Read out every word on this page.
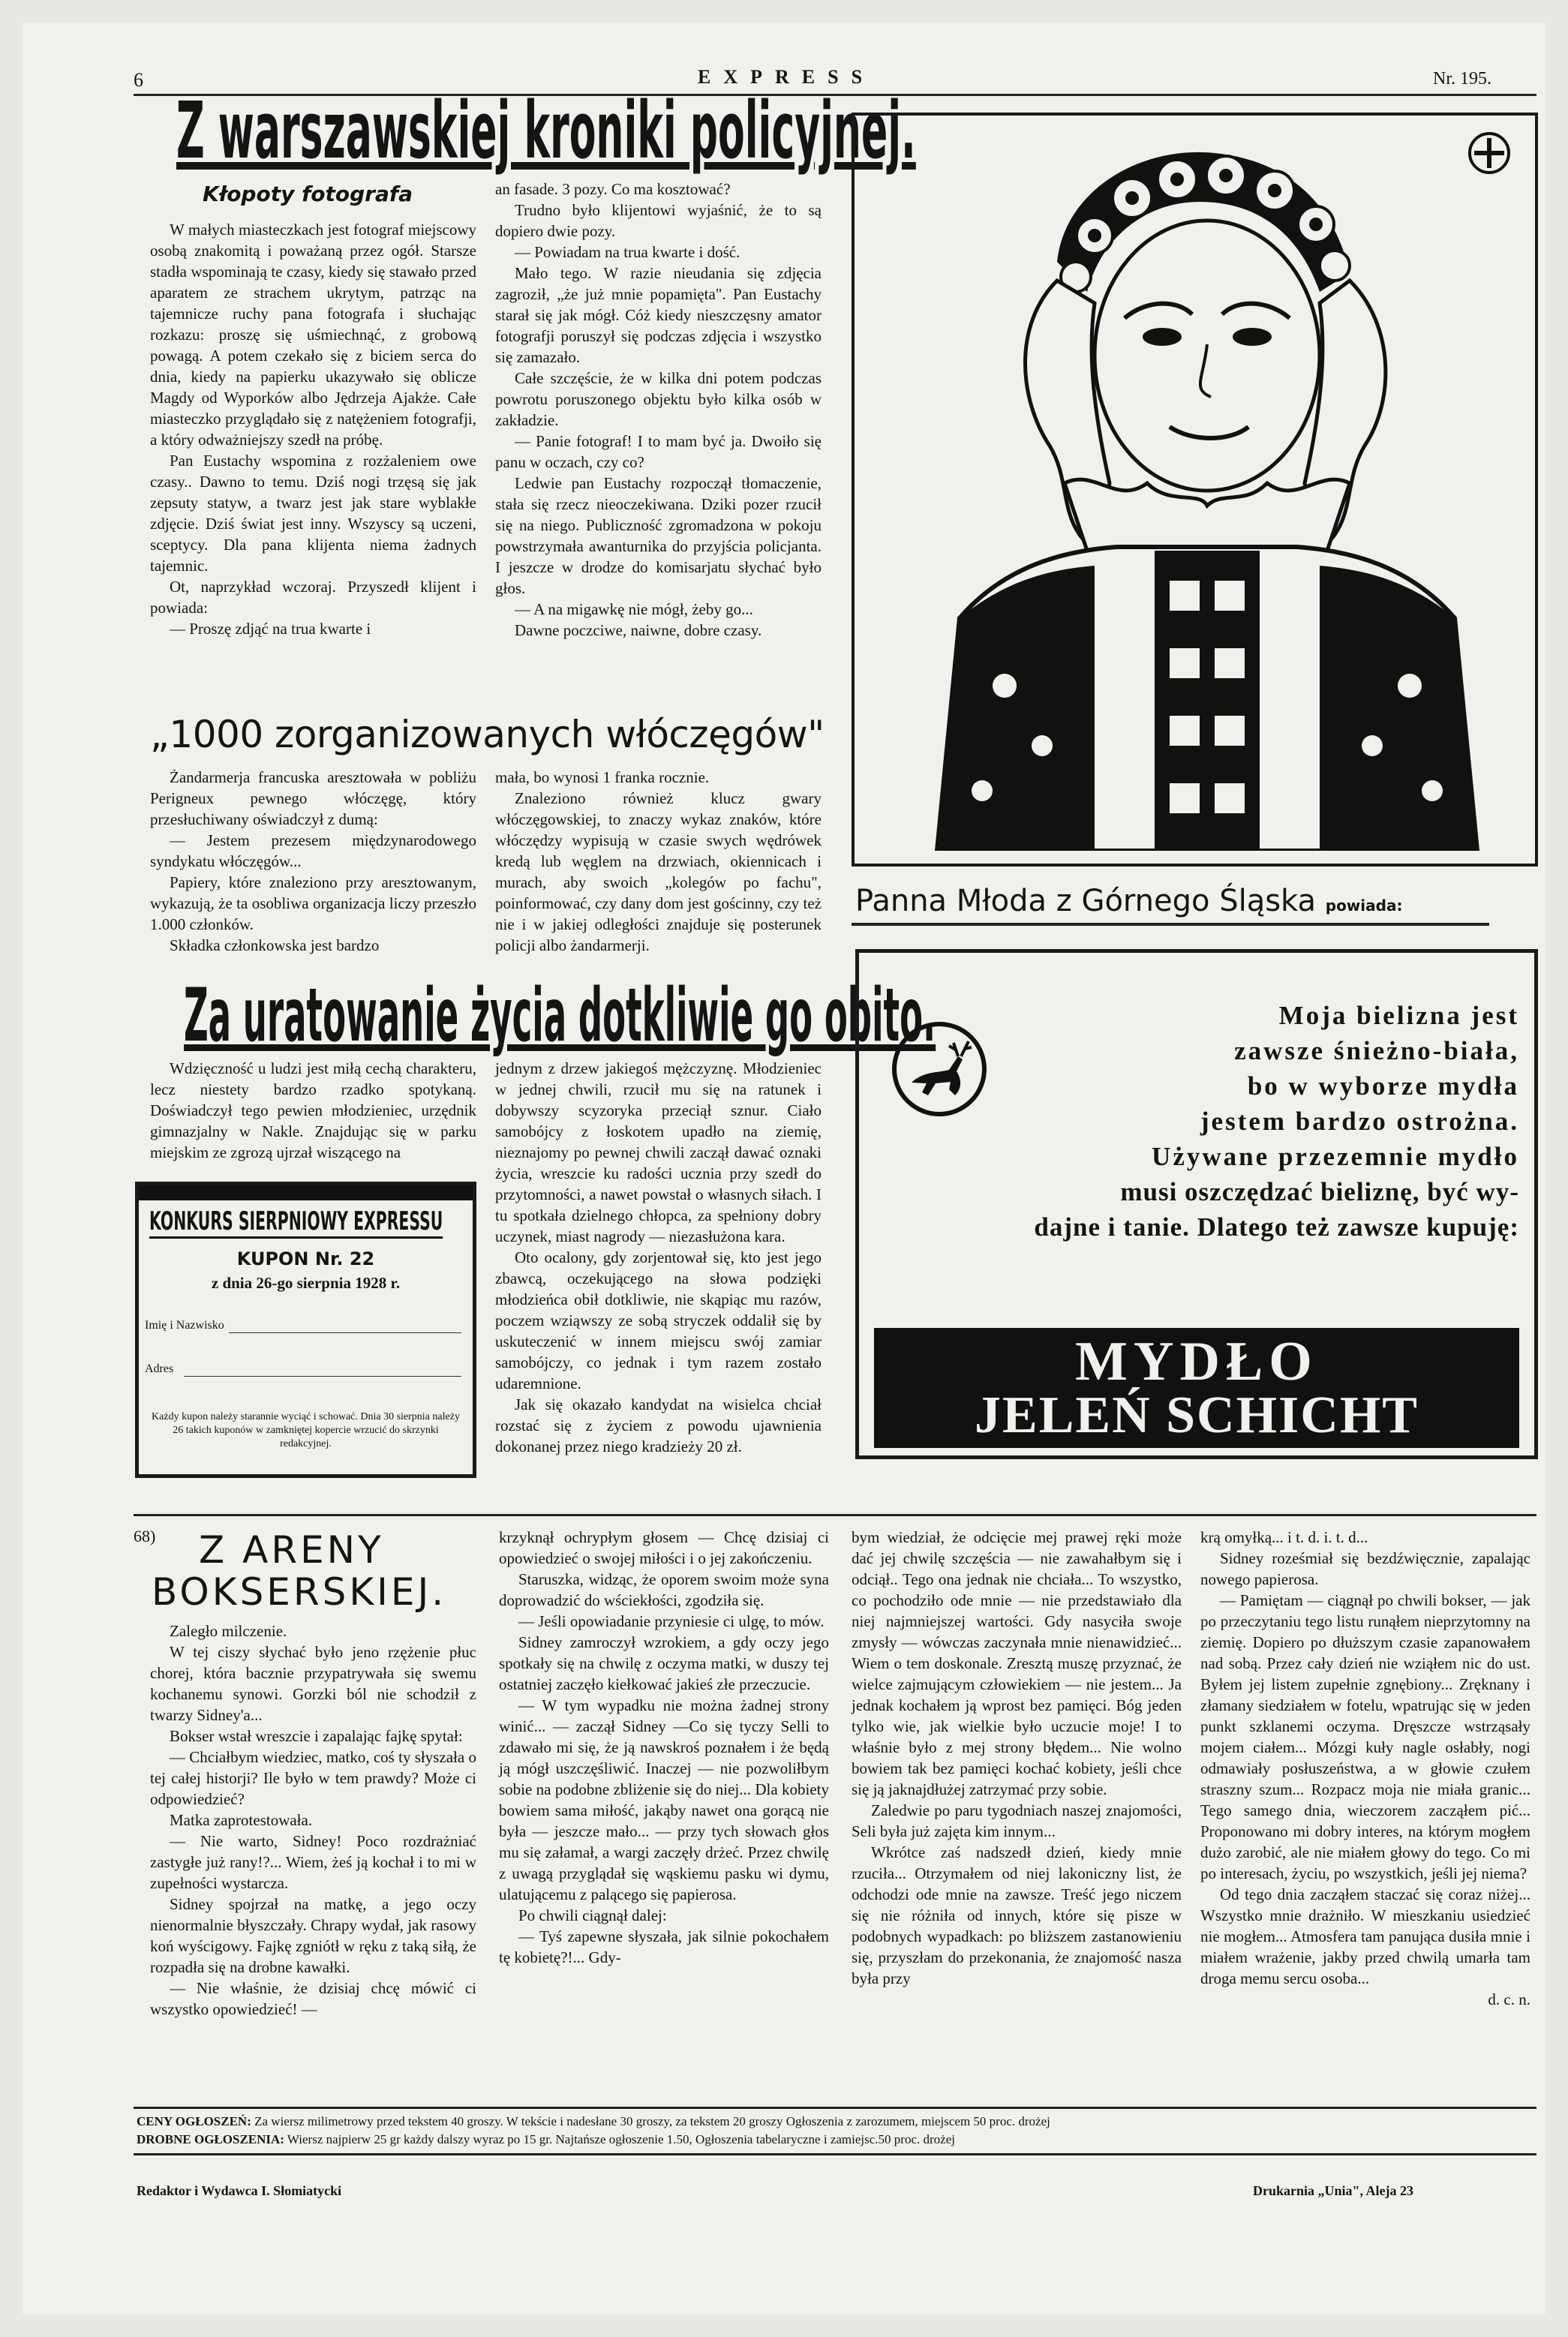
6	EXPRESS	Nr. 195.
Z warszawskiej kroniki policyjnej.
Kłopoty fotografa

W małych miasteczkach jest fotograf miejscowy osobą znakomitą i poważaną przez ogół. Starsze stadła wspominają te czasy, kiedy się stawało przed aparatem ze strachem ukrytym, patrząc na tajemnicze ruchy pana fotografa i słuchając rozkazu: proszę się uśmiechnąć, z grobową powagą. A potem czekało się z biciem serca do dnia, kiedy na papierku ukazywało się oblicze Magdy od Wyporków albo Jędrzeja Ajakże. Całe miasteczko przyglądało się z natężeniem fotografji, a który odważniejszy szedł na próbę.

Pan Eustachy wspomina z rozżaleniem owe czasy.. Dawno to temu. Dziś nogi trzęsą się jak zepsuty statyw, a twarz jest jak stare wyblakłe zdjęcie. Dziś świat jest inny. Wszyscy są uczeni, sceptycy. Dla pana klijenta niema żadnych tajemnic.

Ot, naprzykład wczoraj. Przyszedł klijent i powiada:

— Proszę zdjąć na trua kwarte i

an fasade. 3 pozy. Co ma kosztować?

Trudno było klijentowi wyjaśnić, że to są dopiero dwie pozy.

— Powiadam na trua kwarte i dość.

Mało tego. W razie nieudania się zdjęcia zagroził, „że już mnie popamięta". Pan Eustachy starał się jak mógł. Cóż kiedy nieszczęsny amator fotografji poruszył się podczas zdjęcia i wszystko się zamazało.

Całe szczęście, że w kilka dni potem podczas powrotu poruszonego objektu było kilka osób w zakładzie.

— Panie fotograf! I to mam być ja. Dwoiło się panu w oczach, czy co?

Ledwie pan Eustachy rozpoczął tłomaczenie, stała się rzecz nieoczekiwana. Dziki pozer rzucił się na niego. Publiczność zgromadzona w pokoju powstrzymała awanturnika do przyjścia policjanta. I jeszcze w drodze do komisarjatu słychać było głos.

— A na migawkę nie mógł, żeby go...

Dawne poczciwe, naiwne, dobre czasy.

„1000 zorganizowanych włóczęgów"

Żandarmerja francuska aresztowała w pobliżu Perigneux pewnego włóczęgę, który przesłuchiwany oświadczył z dumą:

— Jestem prezesem międzynarodowego syndykatu włóczęgów...

Papiery, które znaleziono przy aresztowanym, wykazują, że ta osobliwa organizacja liczy przeszło 1.000 członków.

Składka członkowska jest bardzo

mała, bo wynosi 1 franka rocznie.

Znaleziono również klucz gwary włóczęgowskiej, to znaczy wykaz znaków, które włóczędzy wypisują w czasie swych wędrówek kredą lub węglem na drzwiach, okiennicach i murach, aby swoich „kolegów po fachu", poinformować, czy dany dom jest gościnny, czy też nie i w jakiej odległości znajduje się posterunek policji albo żandarmerji.

Za uratowanie życia dotkliwie go obito.

Wdzięczność u ludzi jest miłą cechą charakteru, lecz niestety bardzo rzadko spotykaną. Doświadczył tego pewien młodzieniec, urzędnik gimnazjalny w Nakle. Znajdując się w parku miejskim ze zgrozą ujrzał wiszącego na

jednym z drzew jakiegoś mężczyznę. Młodzieniec w jednej chwili, rzucił mu się na ratunek i dobywszy scyzoryka przeciął sznur. Ciało samobójcy z łoskotem upadło na ziemię, nieznajomy po pewnej chwili zaczął dawać oznaki życia, wreszcie ku radości ucznia przy szedł do przytomności, a nawet powstał o własnych siłach. I tu spotkała dzielnego chłopca, za spełniony dobry uczynek, miast nagrody — niezasłużona kara.

Oto ocalony, gdy zorjentował się, kto jest jego zbawcą, oczekującego na słowa podzięki młodzieńca obił dotkliwie, nie skąpiąc mu razów, poczem wziąwszy ze sobą stryczek oddalił się by uskuteczenić w innem miejscu swój zamiar samobójczy, co jednak i tym razem zostało udaremnione.

Jak się okazało kandydat na wisielca chciał rozstać się z życiem z powodu ujawnienia dokonanej przez niego kradzieży 20 zł.

KONKURS SIERPNIOWY EXPRESSU
KUPON Nr. 22
z dnia 26-go sierpnia 1928 r.
Imię i Nazwisko
Adres
Każdy kupon należy starannie wyciąć i schować. Dnia 30 sierpnia należy 26 takich kuponów w zamkniętej kopercie wrzucić do skrzynki redakcyjnej.
Panna Młoda z Górnego Śląska powiada:
Moja bielizna jest
zawsze śnieżno-biała,
bo w wyborze mydła
jestem bardzo ostrożna.
Używane przezemnie mydło
musi oszczędzać bieliznę, być wy-
dajne i tanie. Dlatego też zawsze kupuję:
MYDŁO
JELEŃ SCHICHT
68) Z ARENY
BOKSERSKIEJ.

Zaległo milczenie.

W tej ciszy słychać było jeno rzężenie płuc chorej, która bacznie przypatrywała się swemu kochanemu synowi. Gorzki ból nie schodził z twarzy Sidney'a...

Bokser wstał wreszcie i zapalając fajkę spytał:

— Chciałbym wiedziec, matko, coś ty słyszała o tej całej historji? Ile było w tem prawdy? Może ci odpowiedzieć?

Matka zaprotestowała.

— Nie warto, Sidney! Poco rozdrażniać zastygłe już rany!?... Wiem, żeś ją kochał i to mi w zupełności wystarcza.

Sidney spojrzał na matkę, a jego oczy nienormalnie błyszczały. Chrapy wydał, jak rasowy koń wyścigowy. Fajkę zgniótł w ręku z taką siłą, że rozpadła się na drobne kawałki.

— Nie właśnie, że dzisiaj chcę mówić ci wszystko opowiedzieć! —

krzyknął ochrypłym głosem — Chcę dzisiaj ci opowiedzieć o swojej miłości i o jej zakończeniu.

Staruszka, widząc, że oporem swoim może syna doprowadzić do wściekłości, zgodziła się.

— Jeśli opowiadanie przyniesie ci ulgę, to mów.

Sidney zamroczył wzrokiem, a gdy oczy jego spotkały się na chwilę z oczyma matki, w duszy tej ostatniej zaczęło kiełkować jakieś złe przeczucie.

— W tym wypadku nie można żadnej strony winić... — zaczął Sidney —Co się tyczy Selli to zdawało mi się, że ją nawskroś poznałem i że będą ją mógł uszczęśliwić. Inaczej — nie pozwoliłbym sobie na podobne zbliżenie się do niej... Dla kobiety bowiem sama miłość, jakąby nawet ona gorącą nie była — jeszcze mało... — przy tych słowach głos mu się załamał, a wargi zaczęły drżeć. Przez chwilę z uwagą przyglądał się wąskiemu pasku wi dymu, ulatującemu z palącego się papierosa.

Po chwili ciągnął dalej:

— Tyś zapewne słyszała, jak silnie pokochałem tę kobietę?!... Gdy-

bym wiedział, że odcięcie mej prawej ręki może dać jej chwilę szczęścia — nie zawahałbym się i odciął.. Tego ona jednak nie chciała... To wszystko, co pochodziło ode mnie — nie przedstawiało dla niej najmniejszej wartości. Gdy nasyciła swoje zmysły — wówczas zaczynała mnie nienawidzieć... Wiem o tem doskonale. Zresztą muszę przyznać, że wielce zajmującym człowiekiem — nie jestem... Ja jednak kochałem ją wprost bez pamięci. Bóg jeden tylko wie, jak wielkie było uczucie moje! I to właśnie było z mej strony błędem... Nie wolno bowiem tak bez pamięci kochać kobiety, jeśli chce się ją jaknajdłużej zatrzymać przy sobie.

Zaledwie po paru tygodniach naszej znajomości, Seli była już zajęta kim innym...

Wkrótce zaś nadszedł dzień, kiedy mnie rzuciła... Otrzymałem od niej lakoniczny list, że odchodzi ode mnie na zawsze. Treść jego niczem się nie różniła od innych, które się pisze w podobnych wypadkach: po bliższem zastanowieniu się, przyszłam do przekonania, że znajomość nasza była przy

krą omyłką... i t. d. i. t. d...

Sidney roześmiał się bezdźwięcznie, zapalając nowego papierosa.

— Pamiętam — ciągnął po chwili bokser, — jak po przeczytaniu tego listu runąłem nieprzytomny na ziemię. Dopiero po dłuższym czasie zapanowałem nad sobą. Przez cały dzień nie wziąłem nic do ust. Byłem jej listem zupełnie zgnębiony... Zręknany i złamany siedziałem w fotelu, wpatrując się w jeden punkt szklanemi oczyma. Dręszcze wstrząsały mojem ciałem... Mózgi kuły nagle osłabły, nogi odmawiały posłuszeństwa, a w głowie czułem straszny szum... Rozpacz moja nie miała granic... Tego samego dnia, wieczorem zacząłem pić... Proponowano mi dobry interes, na którym mogłem dużo zarobić, ale nie miałem głowy do tego. Co mi po interesach, życiu, po wszystkich, jeśli jej niema?

Od tego dnia zacząłem staczać się coraz niżej... Wszystko mnie drażniło. W mieszkaniu usiedzieć nie mogłem... Atmosfera tam panująca dusiła mnie i miałem wrażenie, jakby przed chwilą umarła tam droga memu sercu osoba...

d. c. n.

CENY OGŁOSZEŃ: Za wiersz milimetrowy przed tekstem 40 groszy. W tekście i nadesłane 30 groszy, za tekstem 20 groszy Ogłoszenia z zarozumem, miejscem 50 proc. drożej
DROBNE OGŁOSZENIA: Wiersz najpierw 25 gr każdy dalszy wyraz po 15 gr. Najtańsze ogłoszenie 1.50, Ogłoszenia tabelaryczne i zamiejsc.50 proc. drożej
Redaktor i Wydawca I. Słomiatycki	Drukarnia „Unia", Aleja 23
